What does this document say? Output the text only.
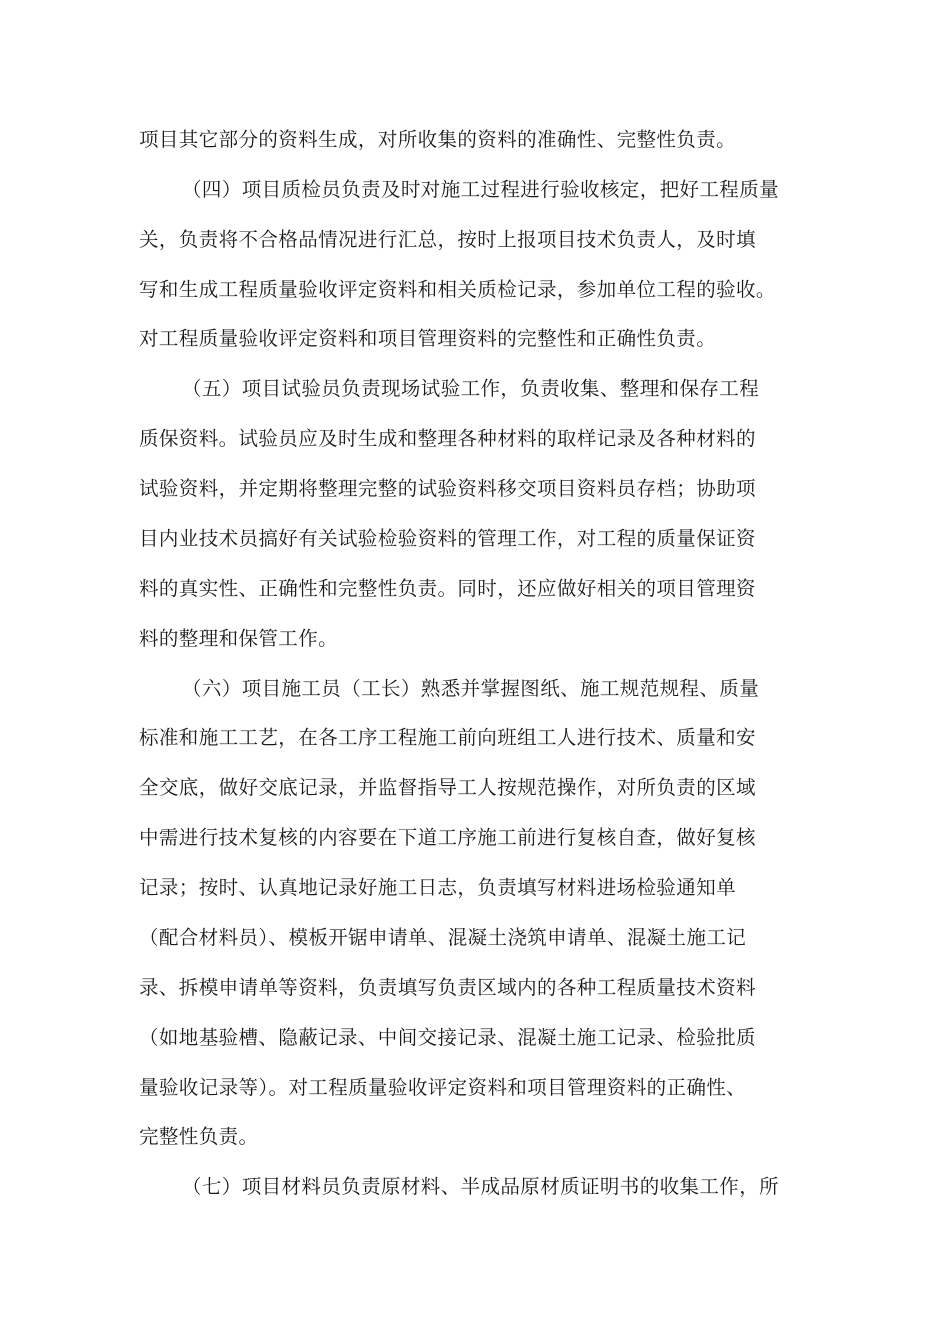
项目其它部分的资料生成，对所收集的资料的准确性、完整性负责。
（四）项目质检员负责及时对施工过程进行验收核定，把好工程质量
关，负责将不合格品情况进行汇总，按时上报项目技术负责人，及时填
写和生成工程质量验收评定资料和相关质检记录，参加单位工程的验收。
对工程质量验收评定资料和项目管理资料的完整性和正确性负责。
（五）项目试验员负责现场试验工作，负责收集、整理和保存工程
质保资料。试验员应及时生成和整理各种材料的取样记录及各种材料的
试验资料，并定期将整理完整的试验资料移交项目资料员存档；协助项
目内业技术员搞好有关试验检验资料的管理工作，对工程的质量保证资
料的真实性、正确性和完整性负责。同时，还应做好相关的项目管理资
料的整理和保管工作。
（六）项目施工员（工长）熟悉并掌握图纸、施工规范规程、质量
标准和施工工艺，在各工序工程施工前向班组工人进行技术、质量和安
全交底，做好交底记录，并监督指导工人按规范操作，对所负责的区域
中需进行技术复核的内容要在下道工序施工前进行复核自查，做好复核
记录；按时、认真地记录好施工日志，负责填写材料进场检验通知单
（配合材料员）、模板开锯申请单、混凝土浇筑申请单、混凝土施工记
录、拆模申请单等资料，负责填写负责区域内的各种工程质量技术资料
（如地基验槽、隐蔽记录、中间交接记录、混凝土施工记录、检验批质
量验收记录等）。对工程质量验收评定资料和项目管理资料的正确性、
完整性负责。
（七）项目材料员负责原材料、半成品原材质证明书的收集工作，所
